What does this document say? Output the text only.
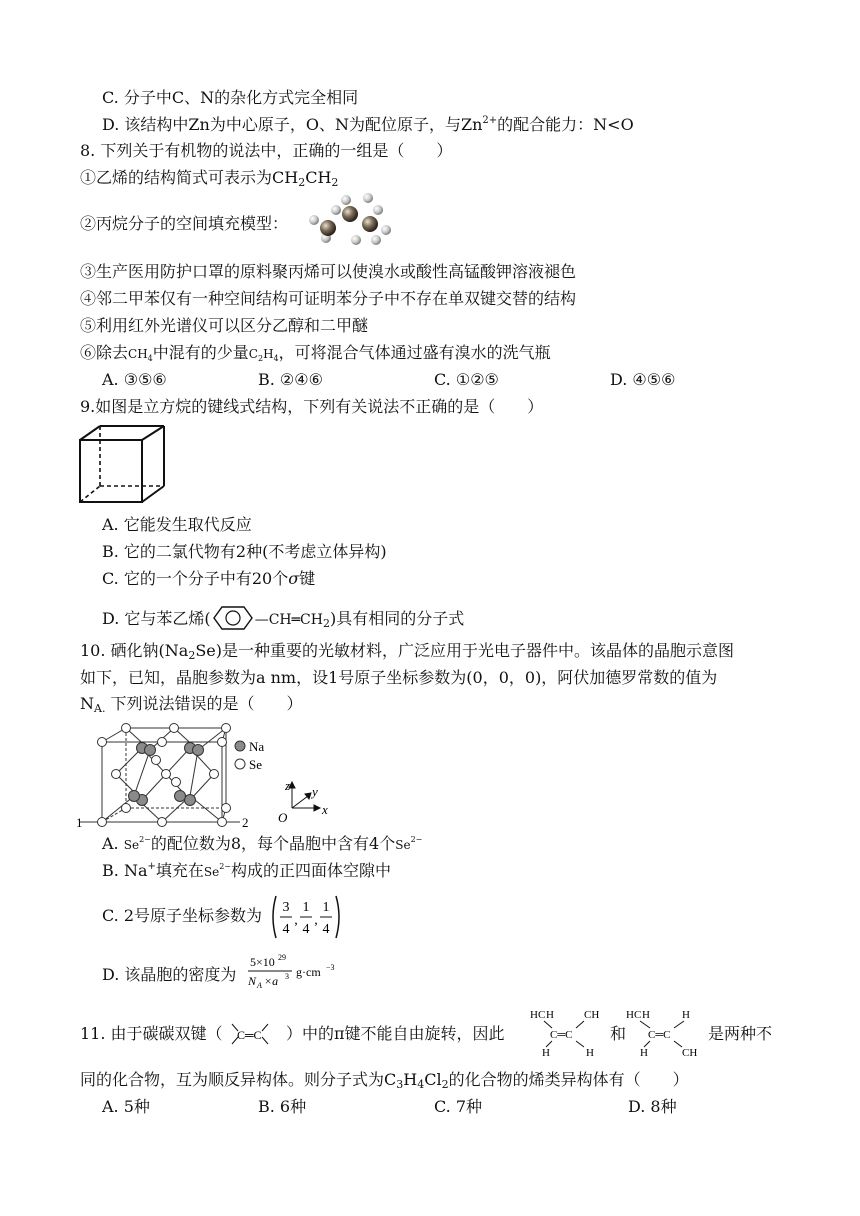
C. 分子中C、N的杂化方式完全相同
D. 该结构中Zn为中心原子，O、N为配位原子，与$Zn^{2+}$的配合能力：N<O
8. 下列关于有机物的说法中，正确的一组是（　　）
①乙烯的结构简式可表示为$CH_2CH_2$
②丙烷分子的空间填充模型：
③生产医用防护口罩的原料聚丙烯可以使溴水或酸性高锰酸钾溶液褪色
④邻二甲苯仅有一种空间结构可证明苯分子中不存在单双键交替的结构
⑤利用红外光谱仪可以区分乙醇和二甲醚
⑥除去$CH_4$中混有的少量$C_2H_4$，可将混合气体通过盛有溴水的洗气瓶
A. ③⑤⑥	B. ②④⑥	C. ①②⑤	D. ④⑤⑥
9.如图是立方烷的键线式结构，下列有关说法不正确的是（　　）
A. 它能发生取代反应
B. 它的二氯代物有2种(不考虑立体异构)
C. 它的一个分子中有20个σ键
D. 它与苯乙烯(	$—CH═CH_2$)具有相同的分子式
10. 硒化钠$(Na_2Se)$是一种重要的光敏材料，广泛应用于光电子器件中。该晶体的晶胞示意图
如下，已知，晶胞参数为a nm，设1号原子坐标参数为(0，0，0)，阿伏加德罗常数的值为
$N_{A.}$ 下列说法错误的是（　　）
Na
Se
z y
x
O
1	2
A. $Se^{2-}$的配位数为8，每个晶胞中含有4个$Se^{2-}$
B. Na+填充在$Se^{2-}$构成的正四面体空隙中
C. 2号原子坐标参数为 3
4
,
1
4
,
1
4
D. 该晶胞的密度为
5×10 29
N A ×a 3 g·cm −3
11. 由于碳碳双键（ C═C ）中的π键不能自由旋转，因此
H C H	CH
C═C
H	H
和
H C H	H
C═C
H	CH
是两种不
同的化合物，互为顺反异构体。则分子式为$C_3H_4Cl_2$的化合物的烯类异构体有（　　）
A. 5种	B. 6种	C. 7种	D. 8种
